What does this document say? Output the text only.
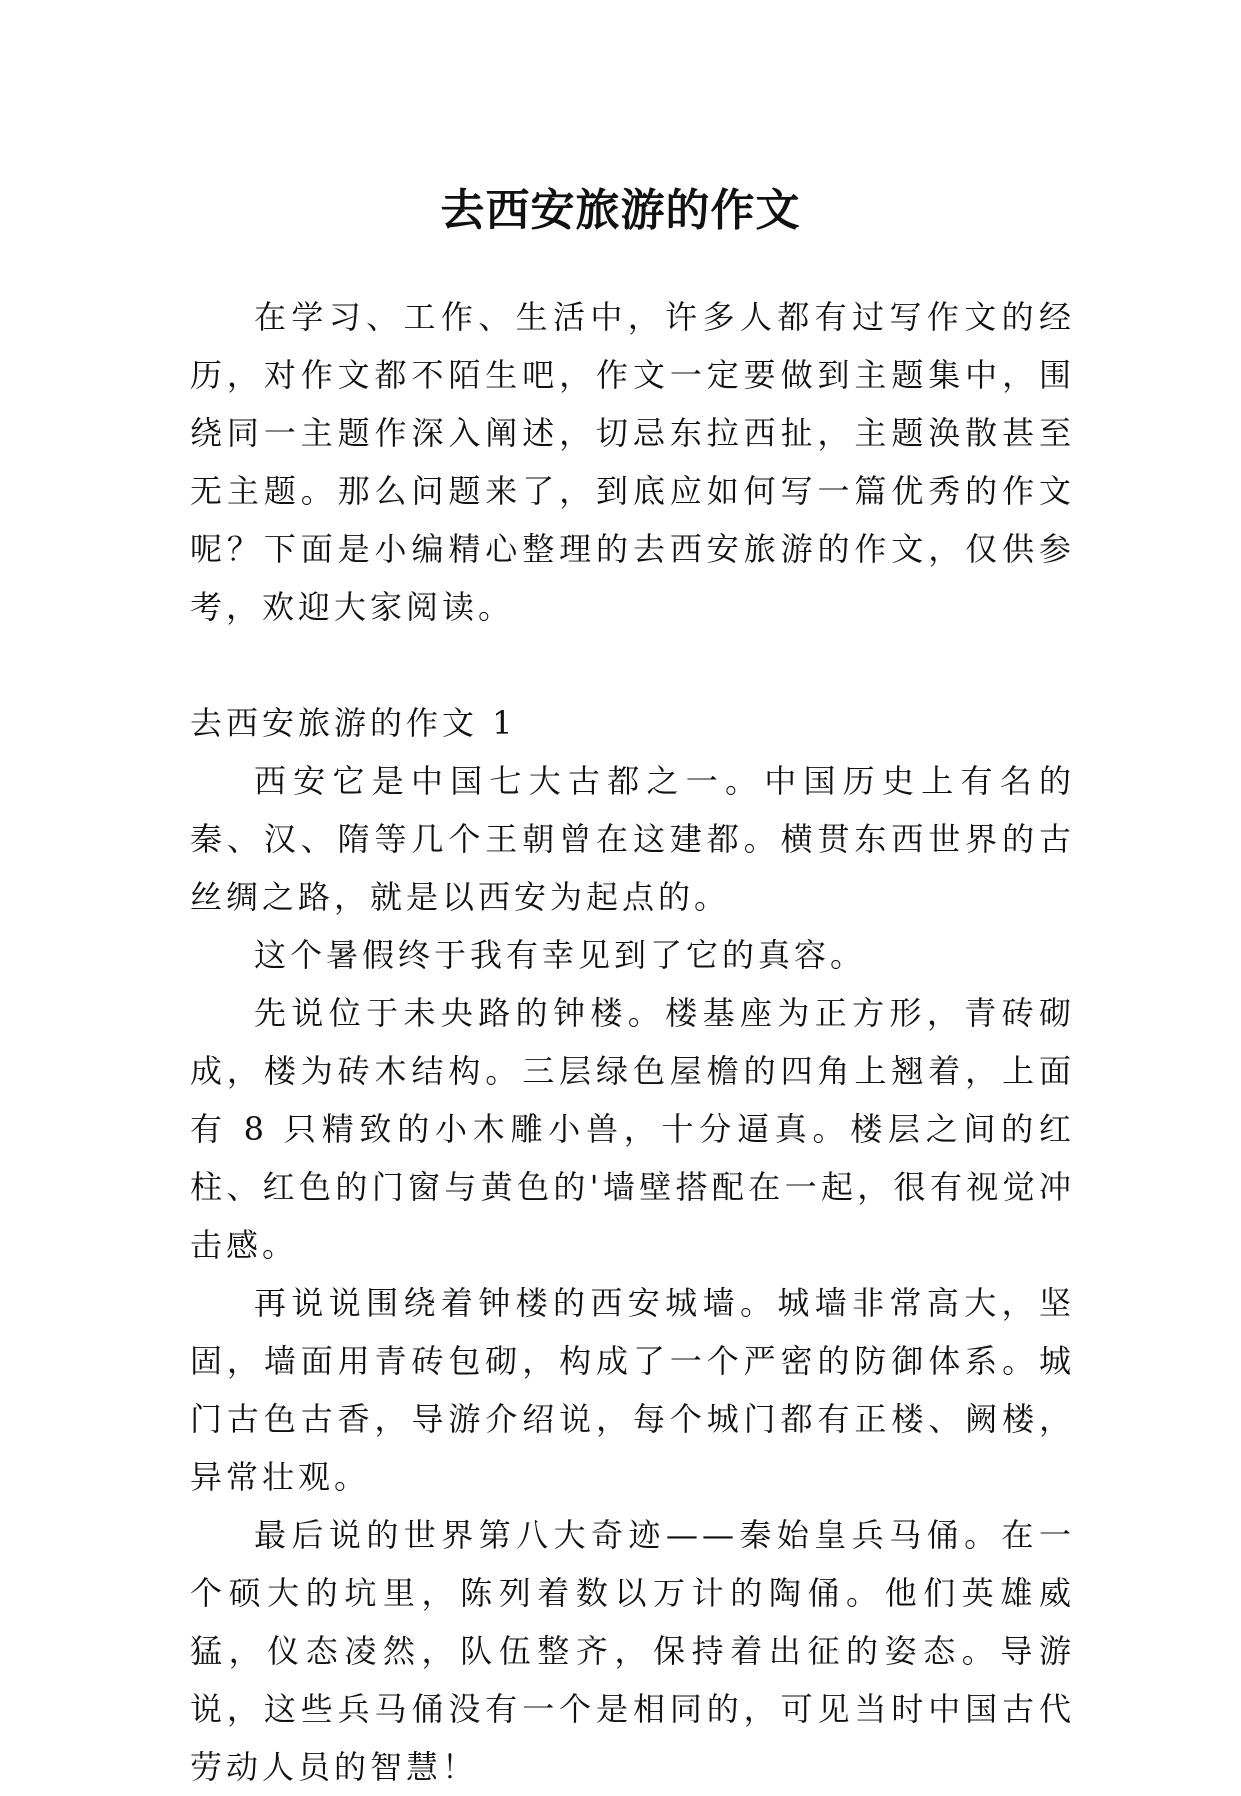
去西安旅游的作文

在学习、工作、生活中，许多人都有过写作文的经历，对作文都不陌生吧，作文一定要做到主题集中，围绕同一主题作深入阐述，切忌东拉西扯，主题涣散甚至无主题。那么问题来了，到底应如何写一篇优秀的作文呢？下面是小编精心整理的去西安旅游的作文，仅供参考，欢迎大家阅读。

去西安旅游的作文 1

西安它是中国七大古都之一。中国历史上有名的秦、汉、隋等几个王朝曾在这建都。横贯东西世界的古丝绸之路，就是以西安为起点的。

这个暑假终于我有幸见到了它的真容。

先说位于未央路的钟楼。楼基座为正方形，青砖砌成，楼为砖木结构。三层绿色屋檐的四角上翘着，上面有 8 只精致的小木雕小兽，十分逼真。楼层之间的红柱、红色的门窗与黄色的'墙壁搭配在一起，很有视觉冲击感。

再说说围绕着钟楼的西安城墙。城墙非常高大，坚固，墙面用青砖包砌，构成了一个严密的防御体系。城门古色古香，导游介绍说，每个城门都有正楼、阙楼，异常壮观。

最后说的世界第八大奇迹——秦始皇兵马俑。在一个硕大的坑里，陈列着数以万计的陶俑。他们英雄威猛，仪态凌然，队伍整齐，保持着出征的姿态。导游说，这些兵马俑没有一个是相同的，可见当时中国古代劳动人员的智慧！
